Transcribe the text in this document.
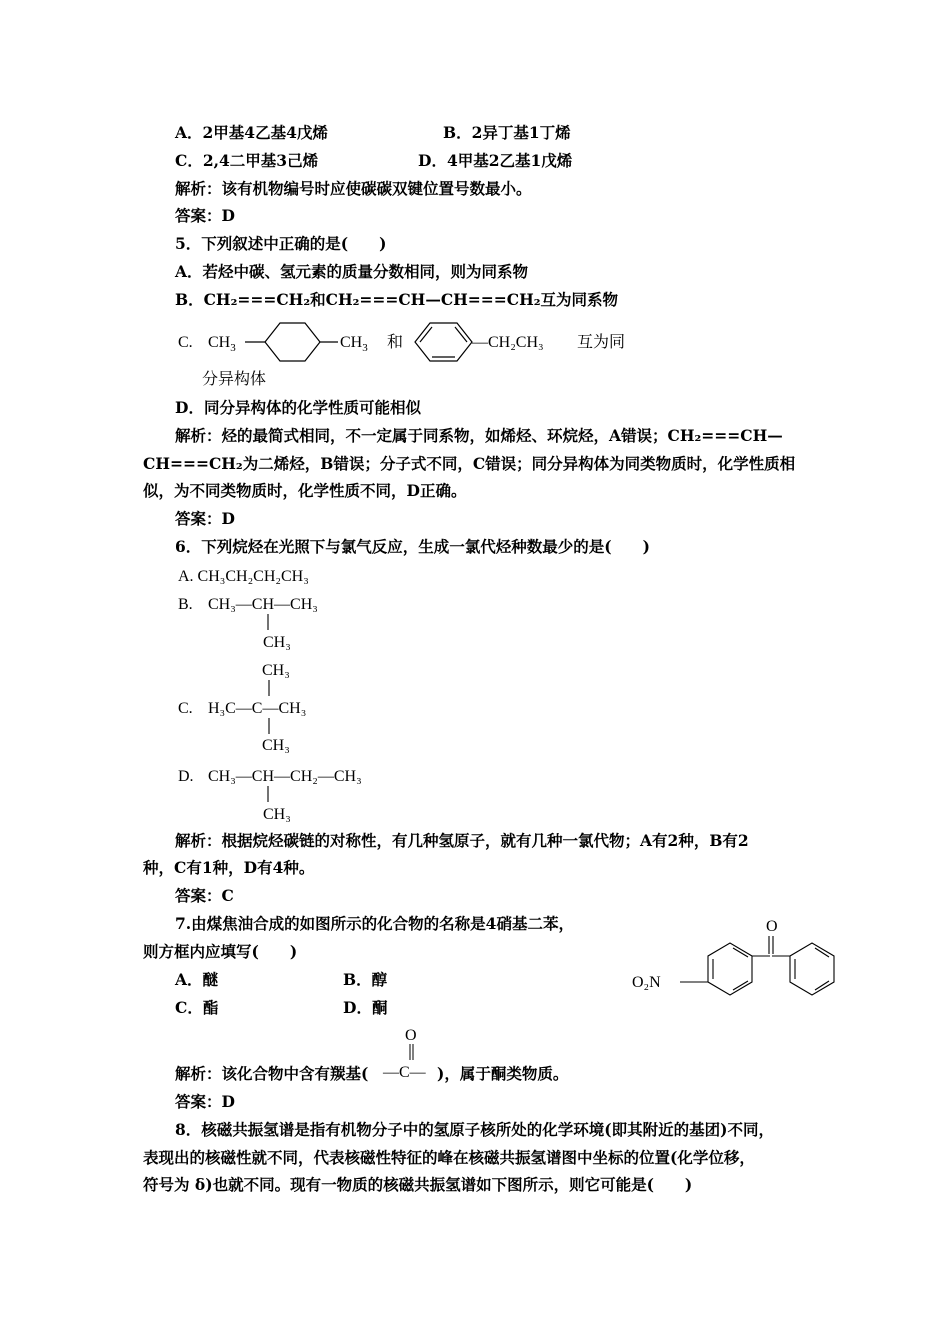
A．2甲基4乙基4戊烯	B．2异丁基1丁烯
C．2,4二甲基3己烯	D．4甲基2乙基1戊烯
解析：该有机物编号时应使碳碳双键位置号数最小。
答案：D
5．下列叙述中正确的是(　　)
A．若烃中碳、氢元素的质量分数相同，则为同系物
B．CH₂===CH₂和CH₂===CH—CH===CH₂互为同系物
C. $CH_3$	$CH_3$ 和	—CH₂CH₃ 互为同
分异构体
D．同分异构体的化学性质可能相似
解析：烃的最简式相同，不一定属于同系物，如烯烃、环烷烃，A错误；CH₂===CH—
CH===CH₂为二烯烃，B错误；分子式不同，C错误；同分异构体为同类物质时，化学性质相
似，为不同类物质时，化学性质不同，D正确。
答案：D
6．下列烷烃在光照下与氯气反应，生成一氯代烃种数最少的是(　　)
A. CH₃CH₂CH₂CH₃
B. CH₃—CH—CH₃
CH₃
CH₃
C. H₃C—C—CH₃
CH₃
D. CH₃—CH—CH₂—CH₃
CH₃
解析：根据烷烃碳链的对称性，有几种氢原子，就有几种一氯代物；A有2种，B有2
种，C有1种，D有4种。
答案：C
7.由煤焦油合成的如图所示的化合物的名称是4硝基二苯，
则方框内应填写(　　)
A．醚	B．醇
C．酯	D．酮
O
O₂N
解析：该化合物中含有羰基(
O
—C— )，属于酮类物质。
答案：D
8．核磁共振氢谱是指有机物分子中的氢原子核所处的化学环境(即其附近的基团)不同，
表现出的核磁性就不同，代表核磁性特征的峰在核磁共振氢谱图中坐标的位置(化学位移，
符号为 δ)也就不同。现有一物质的核磁共振氢谱如下图所示，则它可能是(　　)
